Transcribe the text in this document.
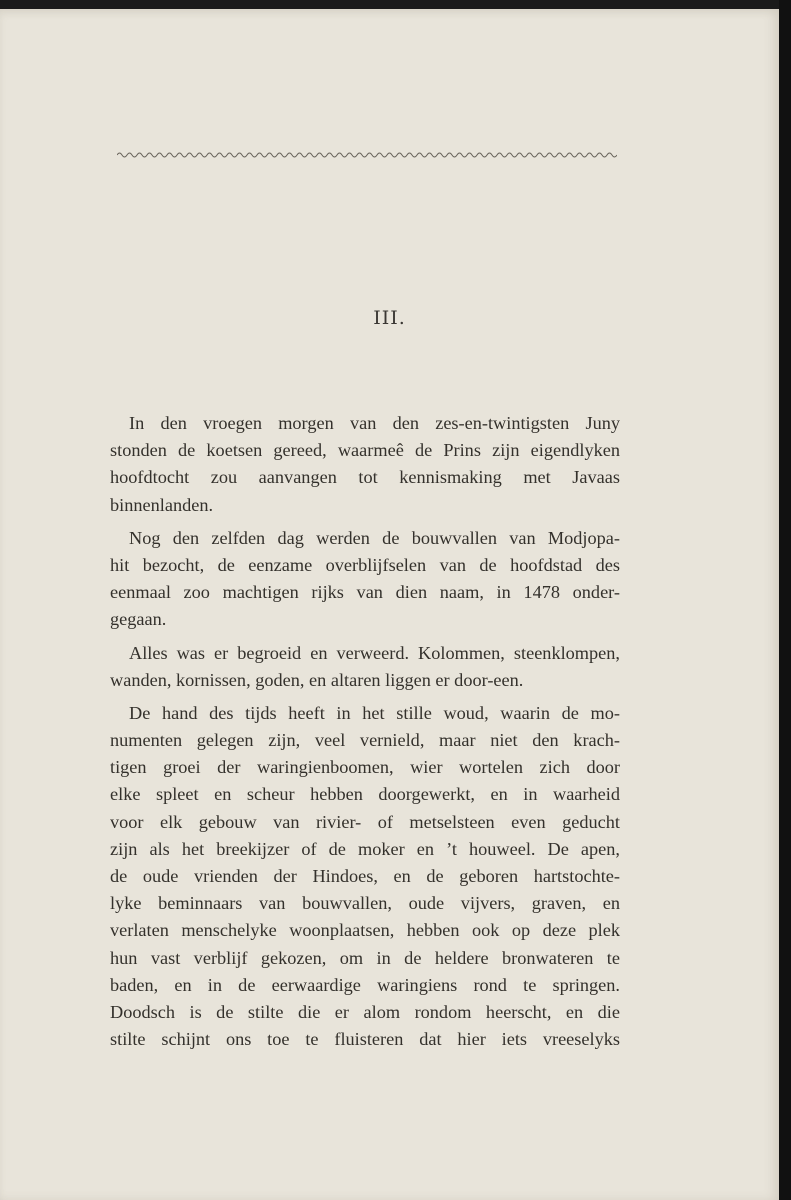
III.
In den vroegen morgen van den zes-en-twintigsten Juny
stonden de koetsen gereed, waarmeê de Prins zijn eigendlyken
hoofdtocht zou aanvangen tot kennismaking met Javaas
binnenlanden.
Nog den zelfden dag werden de bouwvallen van Modjopa-
hit bezocht, de eenzame overblijfselen van de hoofdstad des
eenmaal zoo machtigen rijks van dien naam, in 1478 onder-
gegaan.
Alles was er begroeid en verweerd. Kolommen, steenklompen,
wanden, kornissen, goden, en altaren liggen er door-een.
De hand des tijds heeft in het stille woud, waarin de mo-
numenten gelegen zijn, veel vernield, maar niet den krach-
tigen groei der waringienboomen, wier wortelen zich door
elke spleet en scheur hebben doorgewerkt, en in waarheid
voor elk gebouw van rivier- of metselsteen even geducht
zijn als het breekijzer of de moker en ’t houweel. De apen,
de oude vrienden der Hindoes, en de geboren hartstochte-
lyke beminnaars van bouwvallen, oude vijvers, graven, en
verlaten menschelyke woonplaatsen, hebben ook op deze plek
hun vast verblijf gekozen, om in de heldere bronwateren te
baden, en in de eerwaardige waringiens rond te springen.
Doodsch is de stilte die er alom rondom heerscht, en die
stilte schijnt ons toe te fluisteren dat hier iets vreeselyks
